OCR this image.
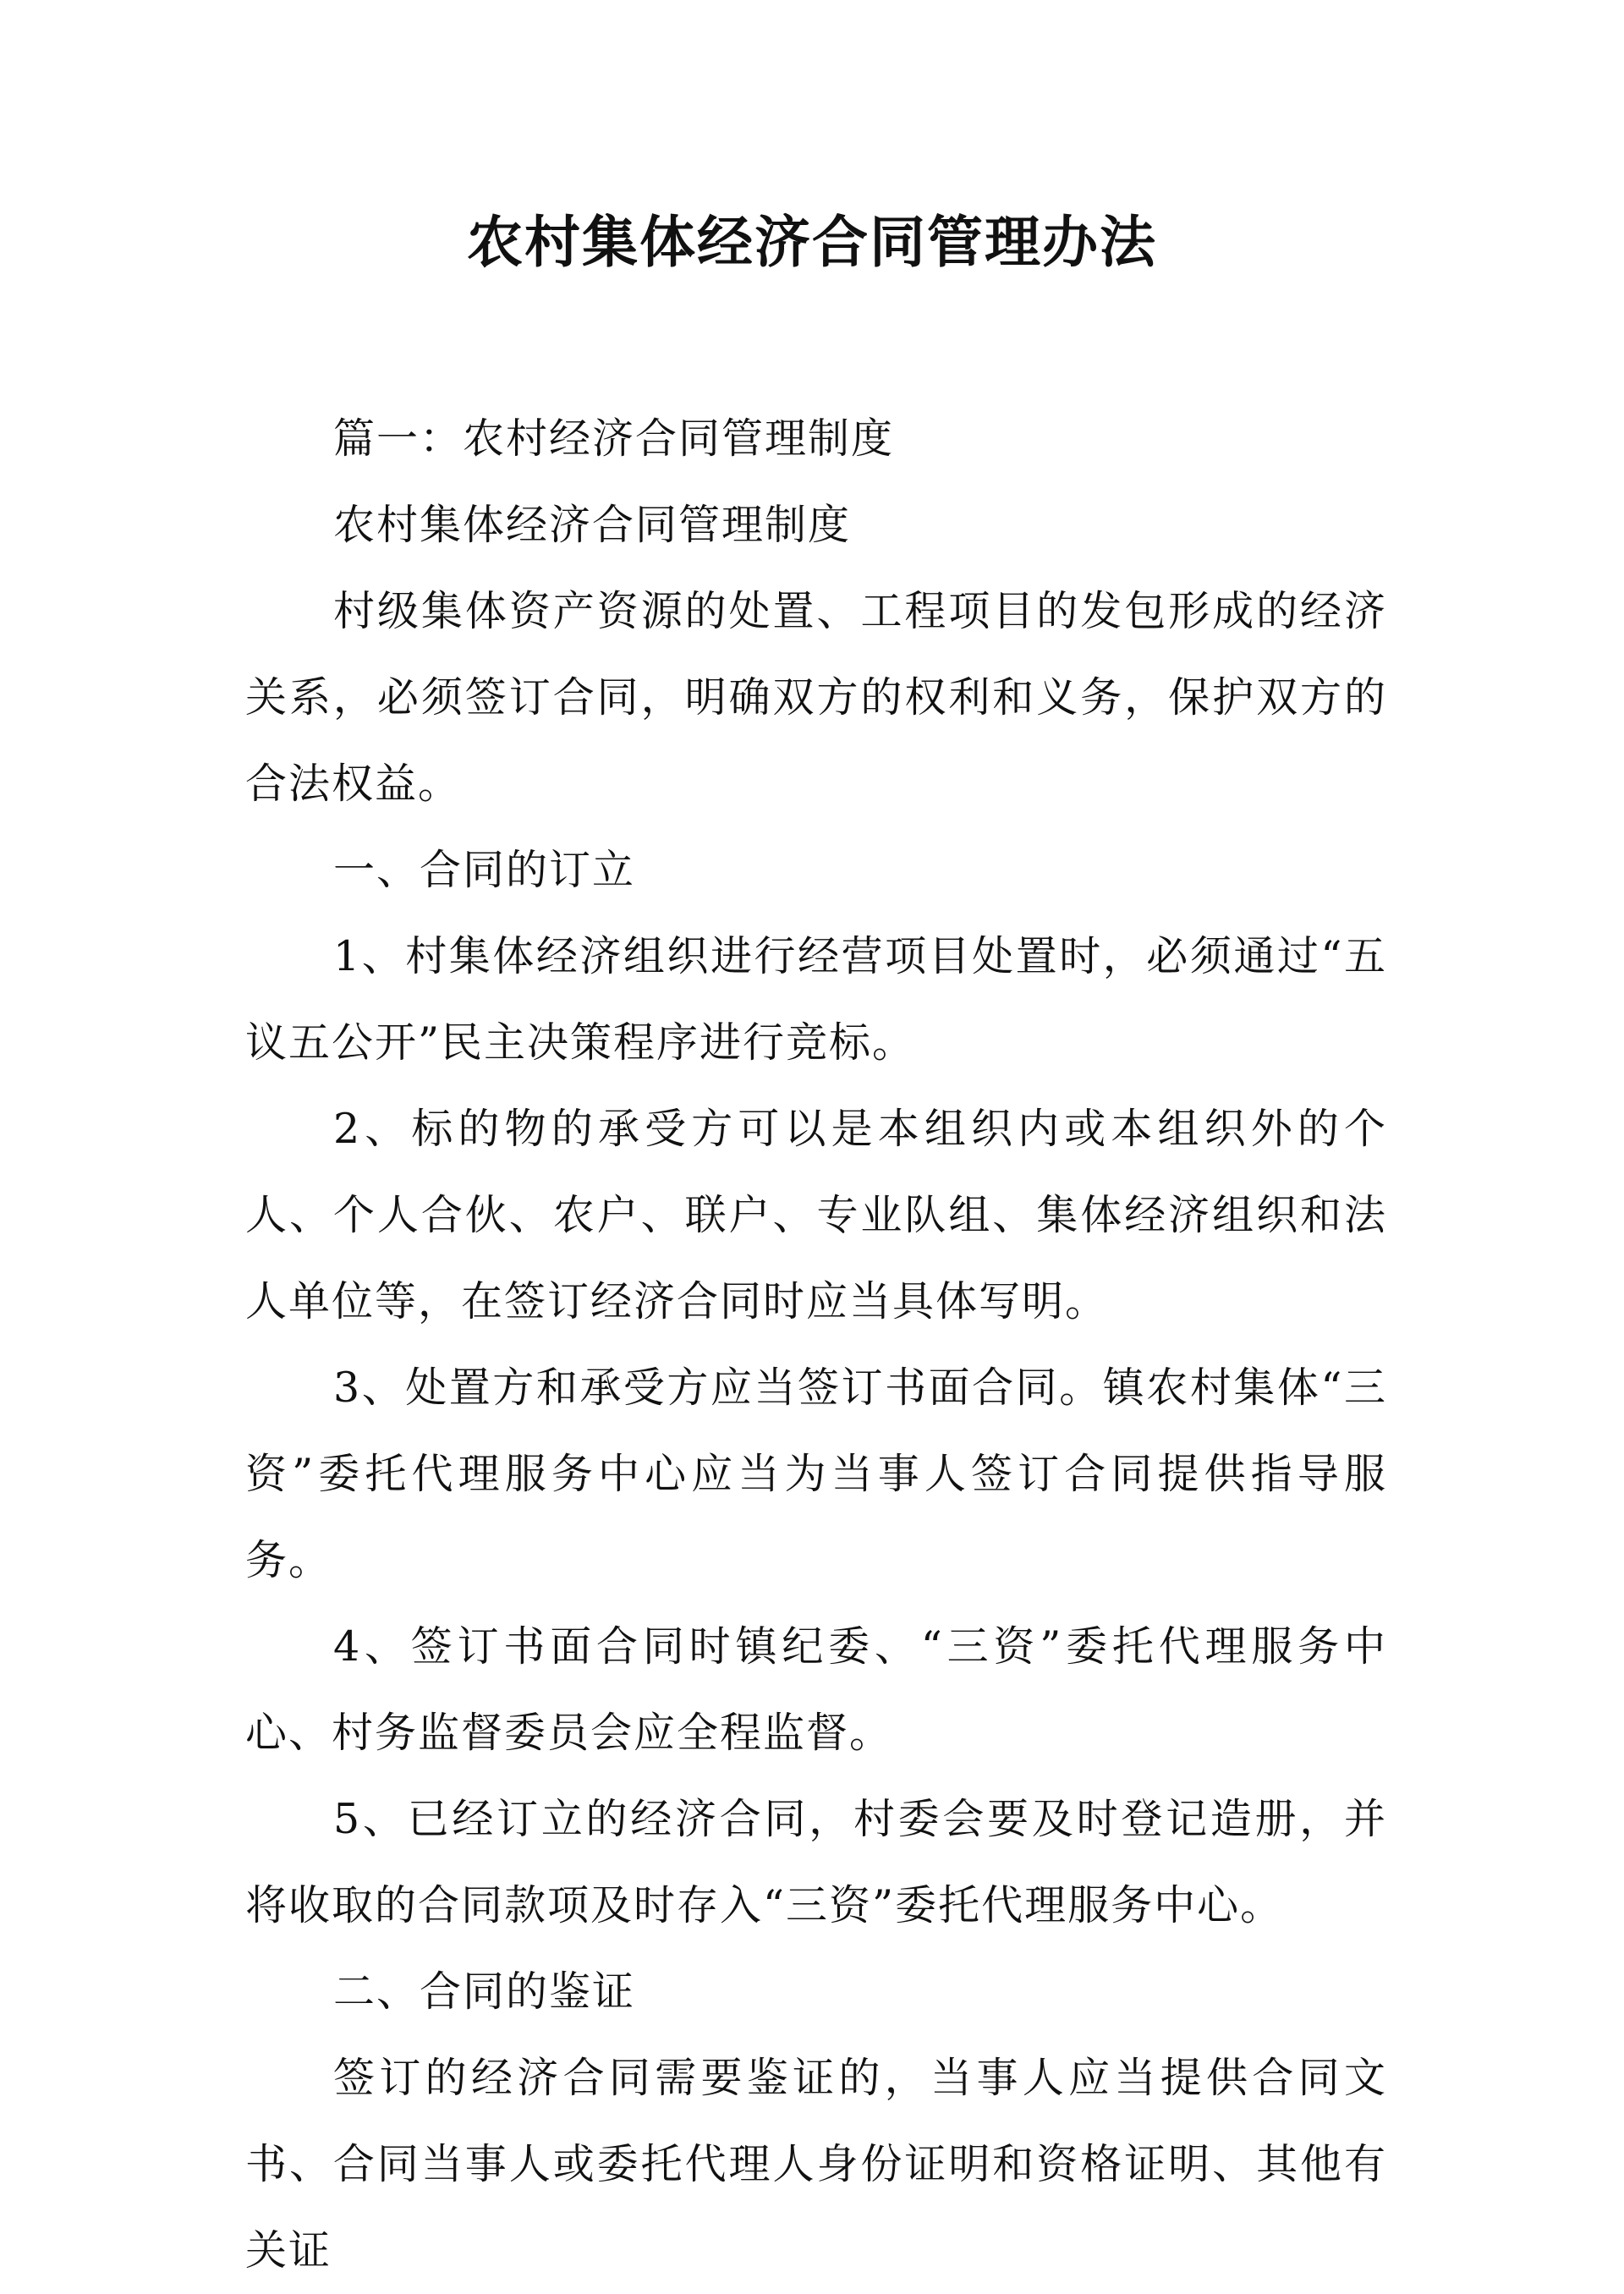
农村集体经济合同管理办法

篇一：农村经济合同管理制度

农村集体经济合同管理制度

村级集体资产资源的处置、工程项目的发包形成的经济关系，必须签订合同，明确双方的权利和义务，保护双方的合法权益。

一、合同的订立

1、村集体经济组织进行经营项目处置时，必须通过“五议五公开”民主决策程序进行竞标。

2、标的物的承受方可以是本组织内或本组织外的个人、个人合伙、农户、联户、专业队组、集体经济组织和法人单位等，在签订经济合同时应当具体写明。

3、处置方和承受方应当签订书面合同。镇农村集体“三资”委托代理服务中心应当为当事人签订合同提供指导服务。

4、签订书面合同时镇纪委、“三资”委托代理服务中心、村务监督委员会应全程监督。

5、已经订立的经济合同，村委会要及时登记造册，并将收取的合同款项及时存入“三资”委托代理服务中心。

二、合同的鉴证

签订的经济合同需要鉴证的，当事人应当提供合同文书、合同当事人或委托代理人身份证明和资格证明、其他有关证
